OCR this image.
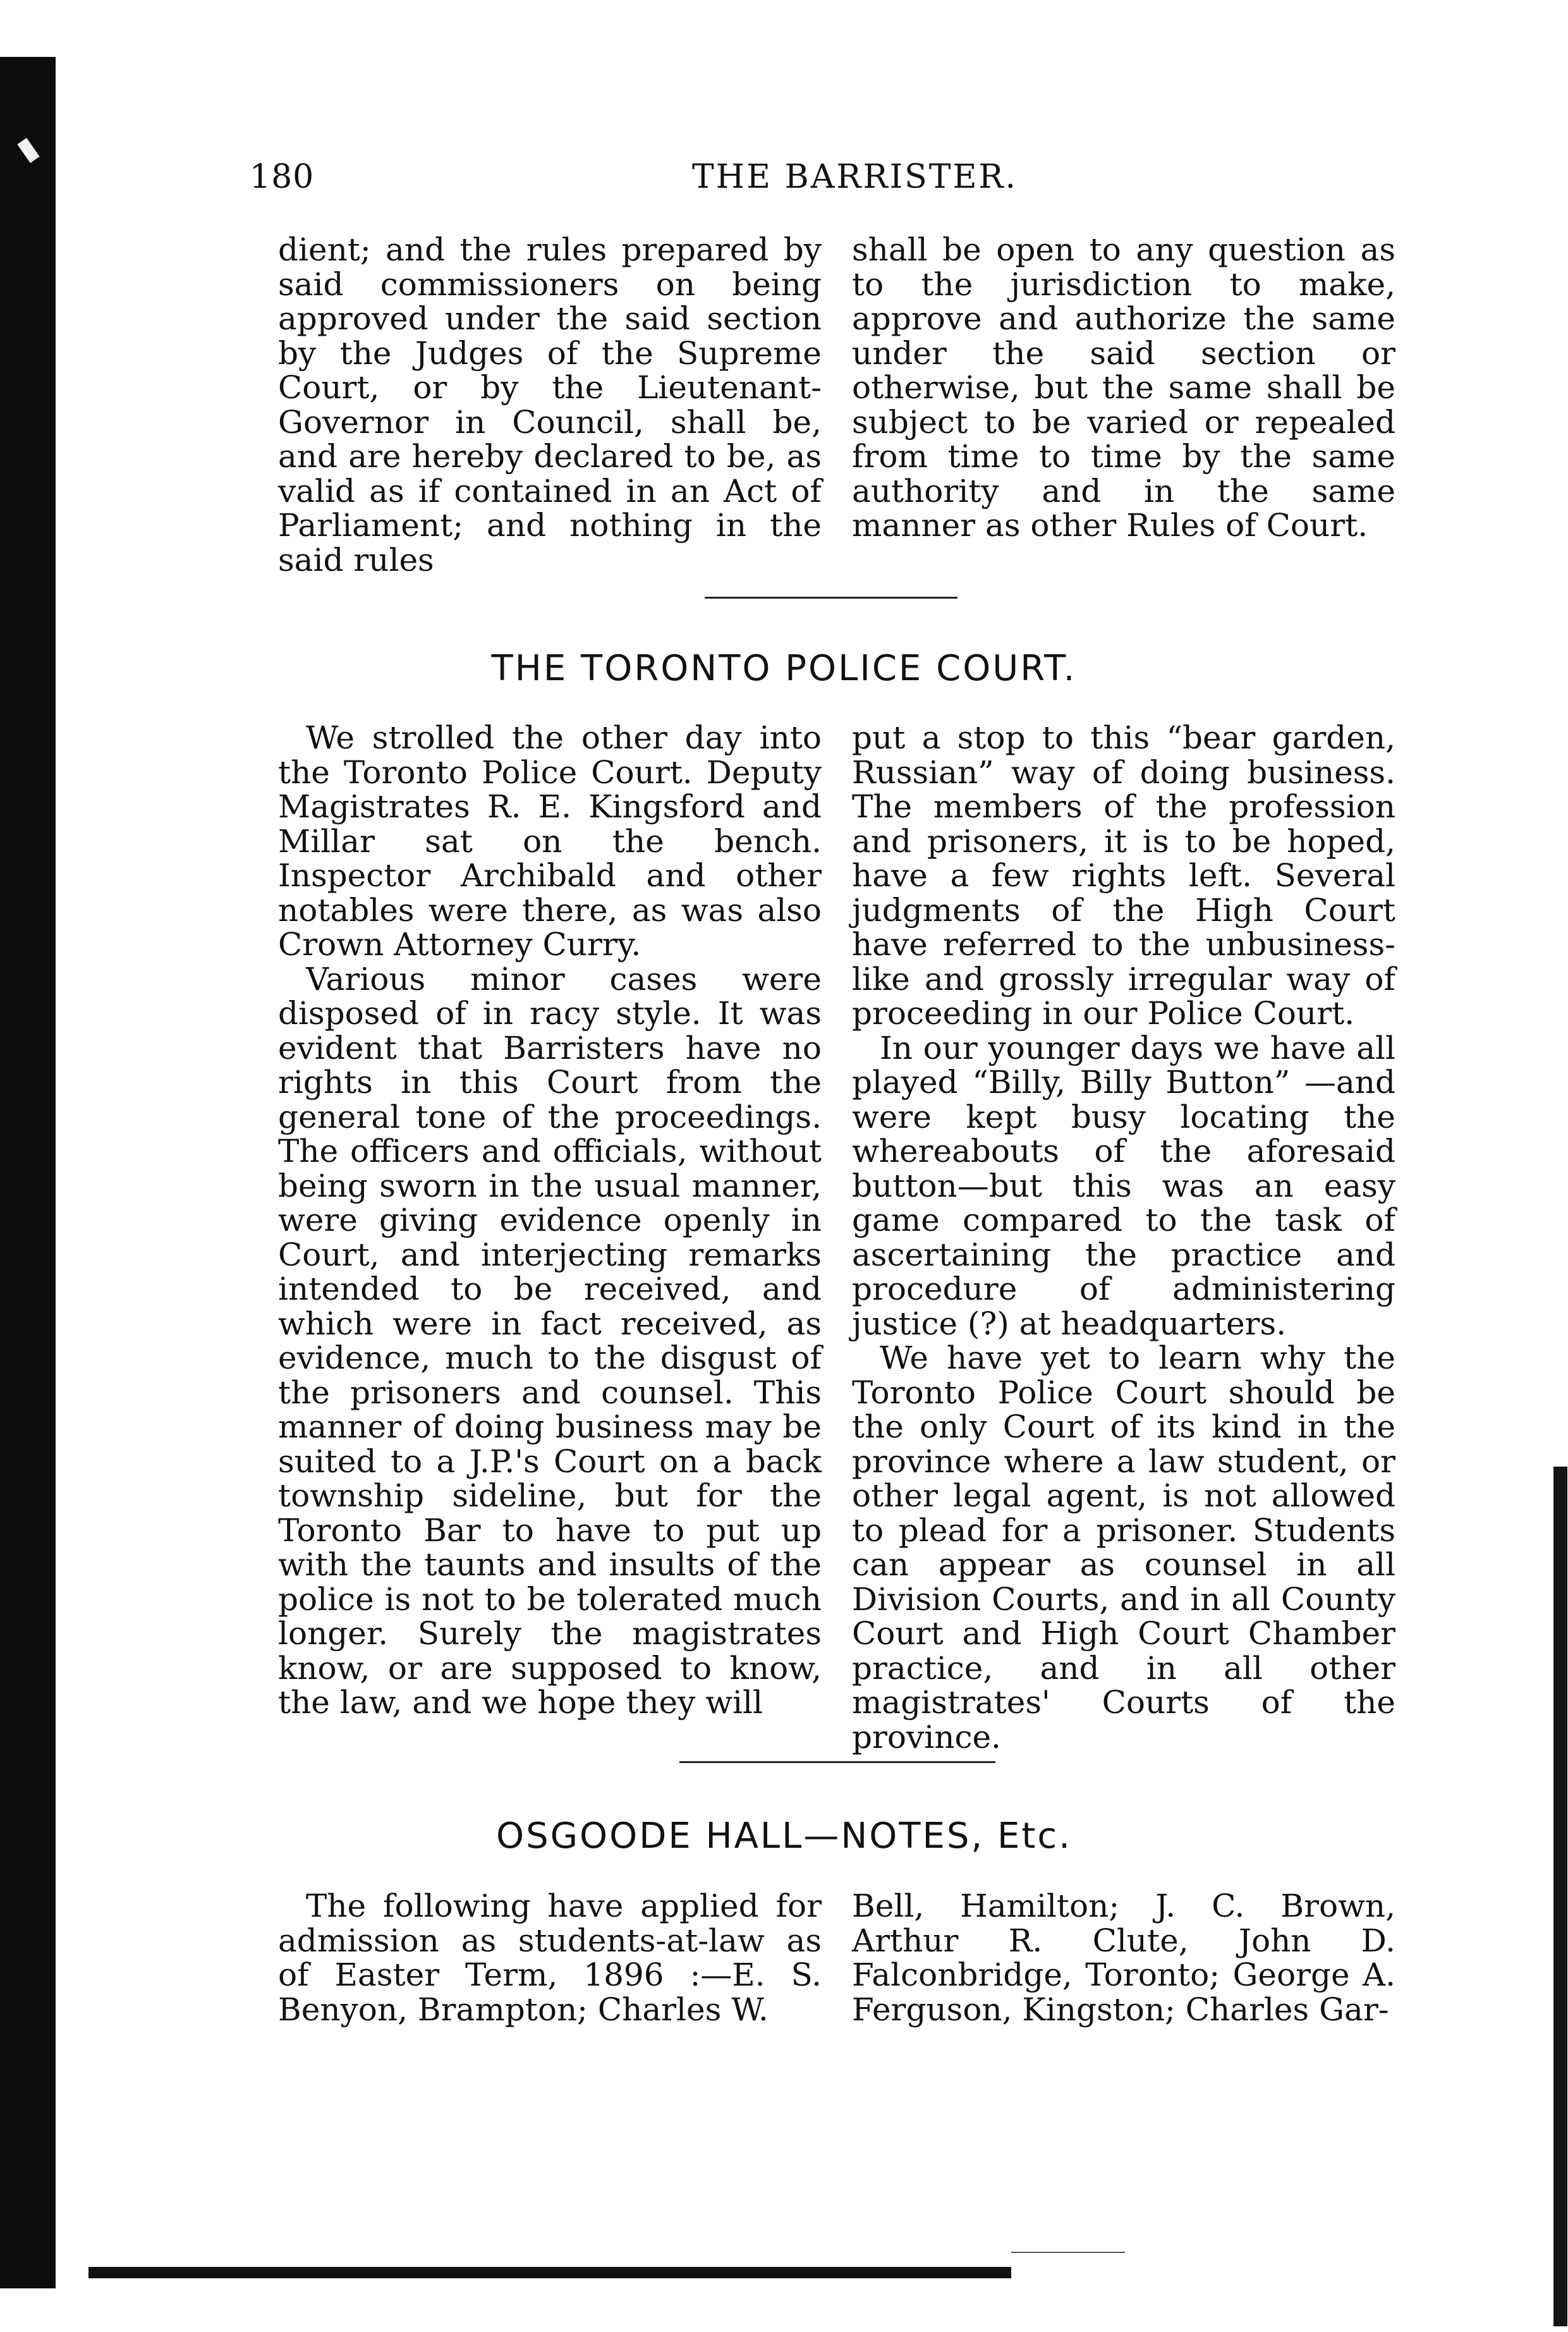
180	THE BARRISTER.

dient; and the rules prepared by said commissioners on being approved under the said section by the Judges of the Supreme Court, or by the Lieutenant-Governor in Council, shall be, and are hereby declared to be, as valid as if contained in an Act of Parliament; and nothing in the said rules

shall be open to any question as to the jurisdiction to make, approve and authorize the same under the said section or otherwise, but the same shall be subject to be varied or repealed from time to time by the same authority and in the same manner as other Rules of Court.

THE TORONTO POLICE COURT.

We strolled the other day into the Toronto Police Court. Deputy Magistrates R. E. Kingsford and Millar sat on the bench. Inspector Archibald and other notables were there, as was also Crown Attorney Curry.

Various minor cases were disposed of in racy style. It was evident that Barristers have no rights in this Court from the general tone of the proceedings. The officers and officials, without being sworn in the usual manner, were giving evidence openly in Court, and interjecting remarks intended to be received, and which were in fact received, as evidence, much to the disgust of the prisoners and counsel. This manner of doing business may be suited to a J.P.'s Court on a back township sideline, but for the Toronto Bar to have to put up with the taunts and insults of the police is not to be tolerated much longer. Surely the magistrates know, or are supposed to know, the law, and we hope they will

put a stop to this “bear garden, Russian” way of doing business. The members of the profession and prisoners, it is to be hoped, have a few rights left. Several judgments of the High Court have referred to the unbusiness-like and grossly irregular way of proceeding in our Police Court.

In our younger days we have all played “Billy, Billy Button” —and were kept busy locating the whereabouts of the aforesaid button—but this was an easy game compared to the task of ascertaining the practice and procedure of administering justice (?) at headquarters.

We have yet to learn why the Toronto Police Court should be the only Court of its kind in the province where a law student, or other legal agent, is not allowed to plead for a prisoner. Students can appear as counsel in all Division Courts, and in all County Court and High Court Chamber practice, and in all other magistrates' Courts of the province.

OSGOODE HALL—NOTES, Etc.

The following have applied for admission as students-at-law as of Easter Term, 1896 :—E. S. Benyon, Brampton; Charles W.

Bell, Hamilton; J. C. Brown, Arthur R. Clute, John D. Falconbridge, Toronto; George A. Ferguson, Kingston; Charles Gar-
